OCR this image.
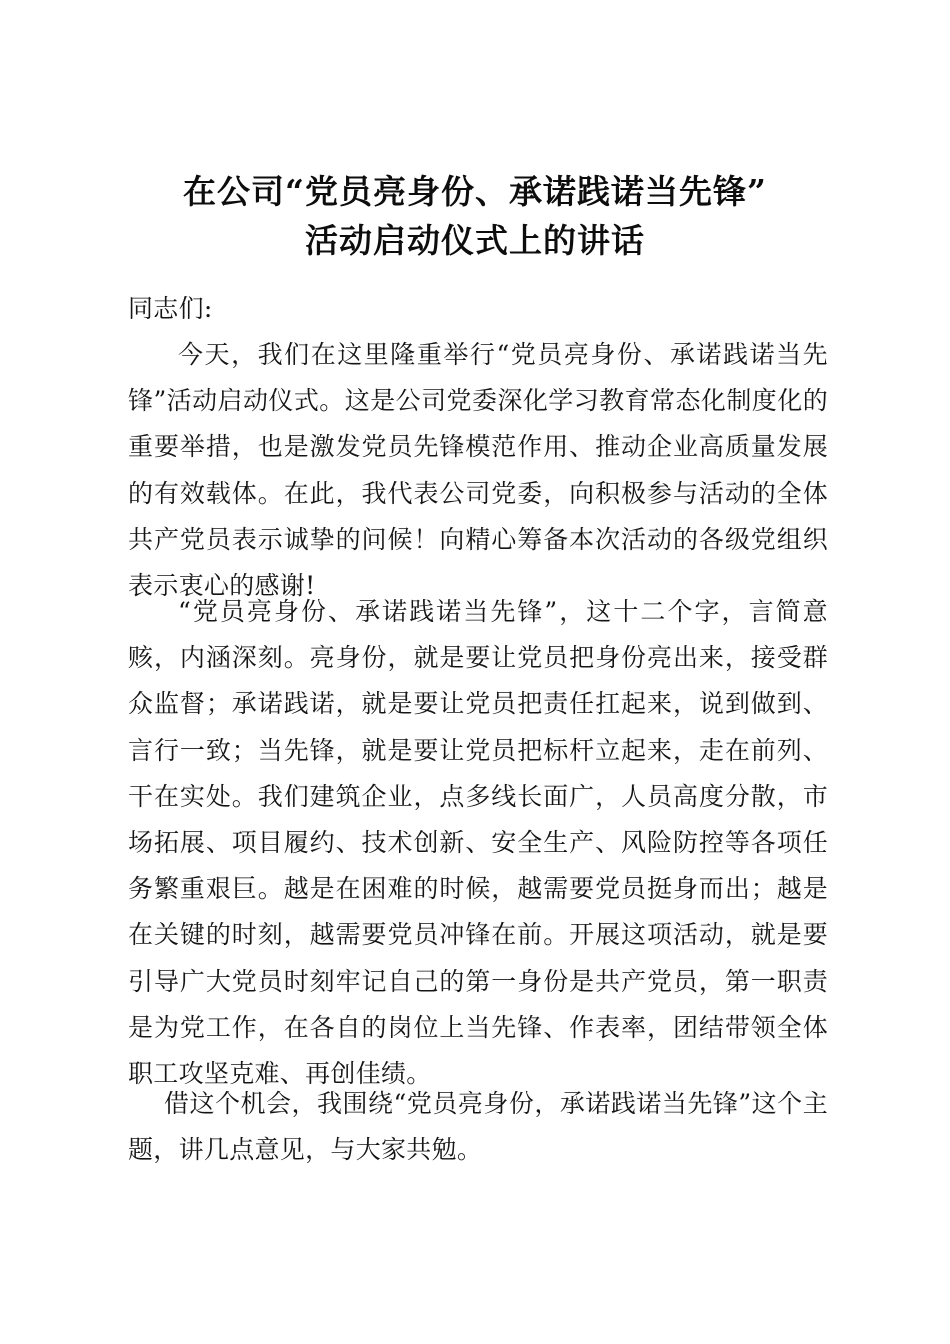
在公司“党员亮身份、承诺践诺当先锋”
活动启动仪式上的讲话

同志们:

今天，我们在这里隆重举行“党员亮身份、承诺践诺当先锋”活动启动仪式。这是公司党委深化学习教育常态化制度化的重要举措，也是激发党员先锋模范作用、推动企业高质量发展的有效载体。在此，我代表公司党委，向积极参与活动的全体共产党员表示诚挚的问候！向精心筹备本次活动的各级党组织表示衷心的感谢!

“党员亮身份、承诺践诺当先锋”，这十二个字，言简意赅，内涵深刻。亮身份，就是要让党员把身份亮出来，接受群众监督；承诺践诺，就是要让党员把责任扛起来，说到做到、言行一致；当先锋，就是要让党员把标杆立起来，走在前列、干在实处。我们建筑企业，点多线长面广，人员高度分散，市场拓展、项目履约、技术创新、安全生产、风险防控等各项任务繁重艰巨。越是在困难的时候，越需要党员挺身而出；越是在关键的时刻，越需要党员冲锋在前。开展这项活动，就是要引导广大党员时刻牢记自己的第一身份是共产党员，第一职责是为党工作，在各自的岗位上当先锋、作表率，团结带领全体职工攻坚克难、再创佳绩。

借这个机会，我围绕“党员亮身份，承诺践诺当先锋”这个主题，讲几点意见，与大家共勉。
